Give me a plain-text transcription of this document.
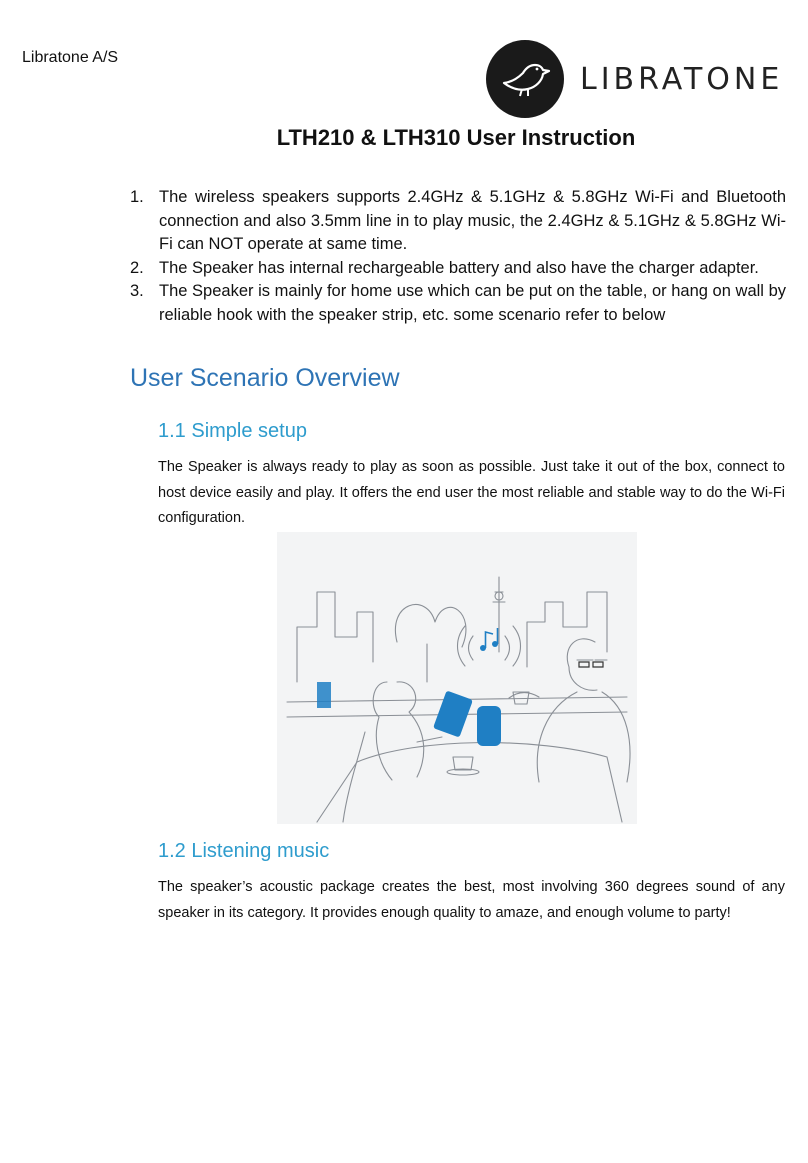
Libratone A/S
LIBRATONE
LTH210 & LTH310 User Instruction
1. The wireless speakers supports 2.4GHz & 5.1GHz & 5.8GHz Wi-Fi and Bluetooth connection and also 3.5mm line in to play music, the 2.4GHz & 5.1GHz & 5.8GHz Wi-Fi can NOT operate at same time.
2. The Speaker has internal rechargeable battery and also have the charger adapter.
3. The Speaker is mainly for home use which can be put on the table, or hang on wall by reliable hook with the speaker strip, etc. some scenario refer to below
User Scenario Overview
1.1 Simple setup
The Speaker is always ready to play as soon as possible. Just take it out of the box, connect to host device easily and play. It offers the end user the most reliable and stable way to do the Wi-Fi configuration.
1.2 Listening music
The speaker’s acoustic package creates the best, most involving 360 degrees sound of any speaker in its category. It provides enough quality to amaze, and enough volume to party!
